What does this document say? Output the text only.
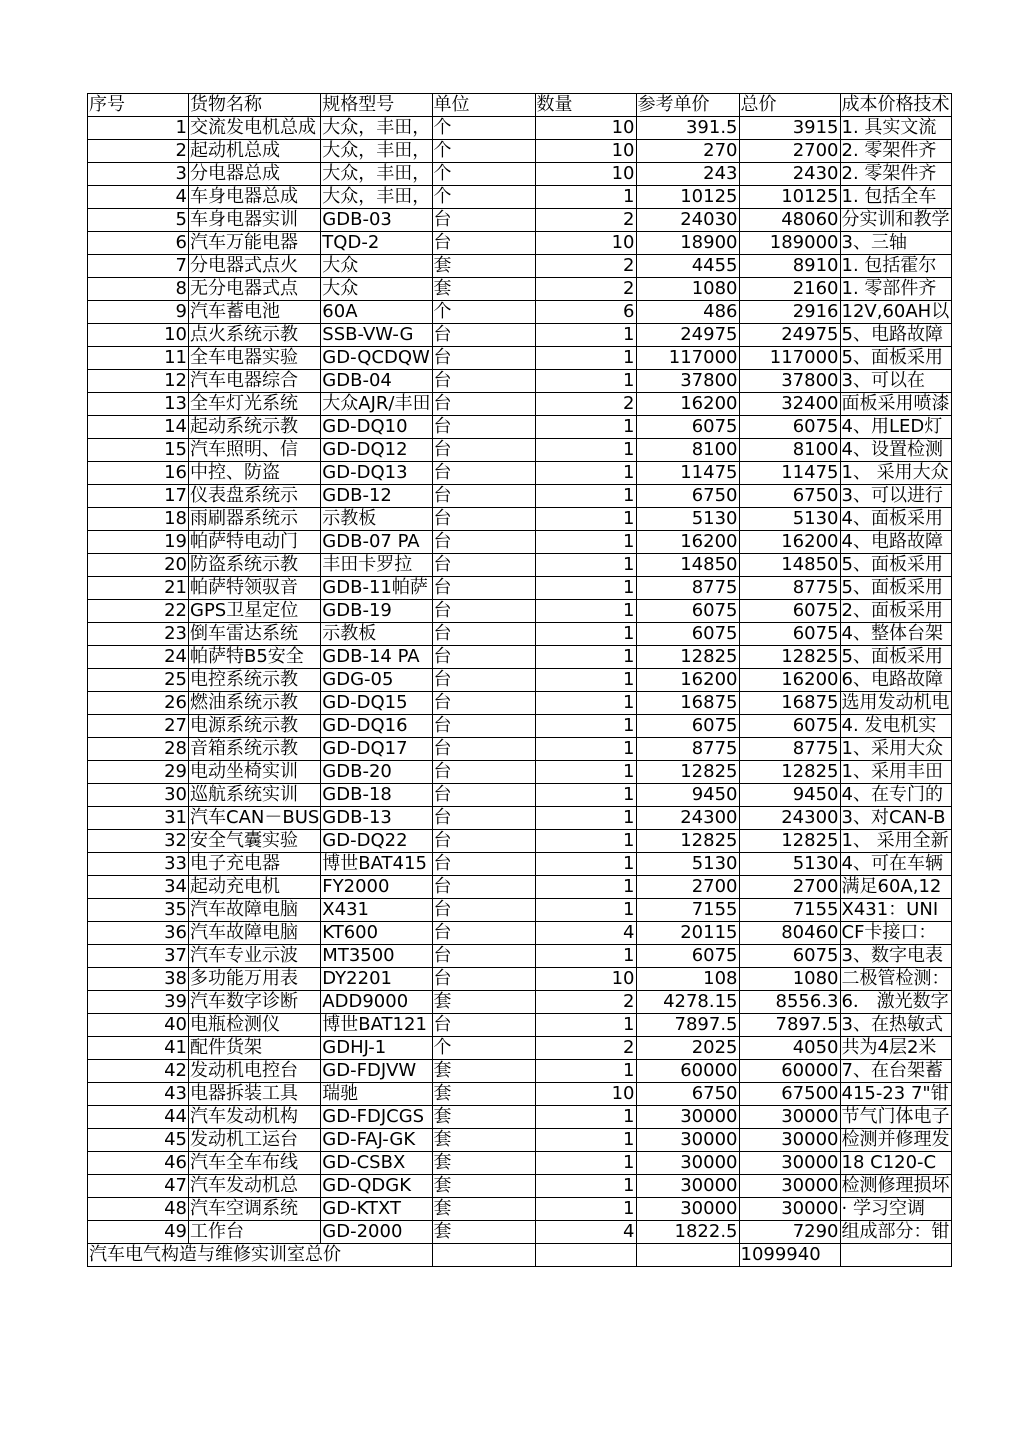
序号	货物名称	规格型号	单位	数量	参考单价	总价	成本价格技术
1	交流发电机总成	大众，丰田，	个	10	391.5	3915	1. 具实文流
2	起动机总成	大众，丰田，	个	10	270	2700	2. 零架件齐
3	分电器总成	大众，丰田，	个	10	243	2430	2. 零架件齐
4	车身电器总成	大众，丰田，	个	1	10125	10125	1. 包括全车
5	车身电器实训	GDB-03	台	2	24030	48060	分实训和教学
6	汽车万能电器	TQD-2	台	10	18900	189000	3、三轴
7	分电器式点火	大众	套	2	4455	8910	1. 包括霍尔
8	无分电器式点	大众	套	2	1080	2160	1. 零部件齐
9	汽车蓄电池	60A	个	6	486	2916	12V,60AH以
10	点火系统示教	SSB-VW-G	台	1	24975	24975	5、电路故障
11	全车电器实验	GD-QCDQW	台	1	117000	117000	5、面板采用
12	汽车电器综合	GDB-04	台	1	37800	37800	3、可以在
13	全车灯光系统	大众AJR/丰田	台	2	16200	32400	面板采用喷漆
14	起动系统示教	GD-DQ10	台	1	6075	6075	4、用LED灯
15	汽车照明、信	GD-DQ12	台	1	8100	8100	4、设置检测
16	中控、防盗	GD-DQ13	台	1	11475	11475	1、 采用大众
17	仪表盘系统示	GDB-12	台	1	6750	6750	3、可以进行
18	雨刷器系统示	示教板	台	1	5130	5130	4、面板采用
19	帕萨特电动门	GDB-07 PA	台	1	16200	16200	4、电路故障
20	防盗系统示教	丰田卡罗拉	台	1	14850	14850	5、面板采用
21	帕萨特领驭音	GDB-11帕萨	台	1	8775	8775	5、面板采用
22	GPS卫星定位	GDB-19	台	1	6075	6075	2、面板采用
23	倒车雷达系统	示教板	台	1	6075	6075	4、整体台架
24	帕萨特B5安全	GDB-14 PA	台	1	12825	12825	5、面板采用
25	电控系统示教	GDG-05	台	1	16200	16200	6、电路故障
26	燃油系统示教	GD-DQ15	台	1	16875	16875	选用发动机电
27	电源系统示教	GD-DQ16	台	1	6075	6075	4. 发电机实
28	音箱系统示教	GD-DQ17	台	1	8775	8775	1、采用大众
29	电动坐椅实训	GDB-20	台	1	12825	12825	1、采用丰田
30	巡航系统实训	GDB-18	台	1	9450	9450	4、在专门的
31	汽车CAN－BUS	GDB-13	台	1	24300	24300	3、对CAN-B
32	安全气囊实验	GD-DQ22	台	1	12825	12825	1、 采用全新
33	电子充电器	博世BAT415	台	1	5130	5130	4、可在车辆
34	起动充电机	FY2000	台	1	2700	2700	满足60A,12
35	汽车故障电脑	X431	台	1	7155	7155	X431：UNI
36	汽车故障电脑	KT600	台	4	20115	80460	CF卡接口：
37	汽车专业示波	MT3500	台	1	6075	6075	3、数字电表
38	多功能万用表	DY2201	台	10	108	1080	二极管检测：
39	汽车数字诊断	ADD9000	套	2	4278.15	8556.3	6． 激光数字
40	电瓶检测仪	博世BAT121	台	1	7897.5	7897.5	3、在热敏式
41	配件货架	GDHJ-1	个	2	2025	4050	共为4层2米
42	发动机电控台	GD-FDJVW	套	1	60000	60000	7、在台架蓄
43	电器拆装工具	瑞驰	套	10	6750	67500	415-23 7"钳
44	汽车发动机构	GD-FDJCGS	套	1	30000	30000	节气门体电子
45	发动机工运台	GD-FAJ-GK	套	1	30000	30000	检测并修理发
46	汽车全车布线	GD-CSBX	套	1	30000	30000	18 C120-C
47	汽车发动机总	GD-QDGK	套	1	30000	30000	检测修理损坏
48	汽车空调系统	GD-KTXT	套	1	30000	30000	· 学习空调
49	工作台	GD-2000	套	4	1822.5	7290	组成部分：钳
汽车电气构造与维修实训室总价						1099940	
